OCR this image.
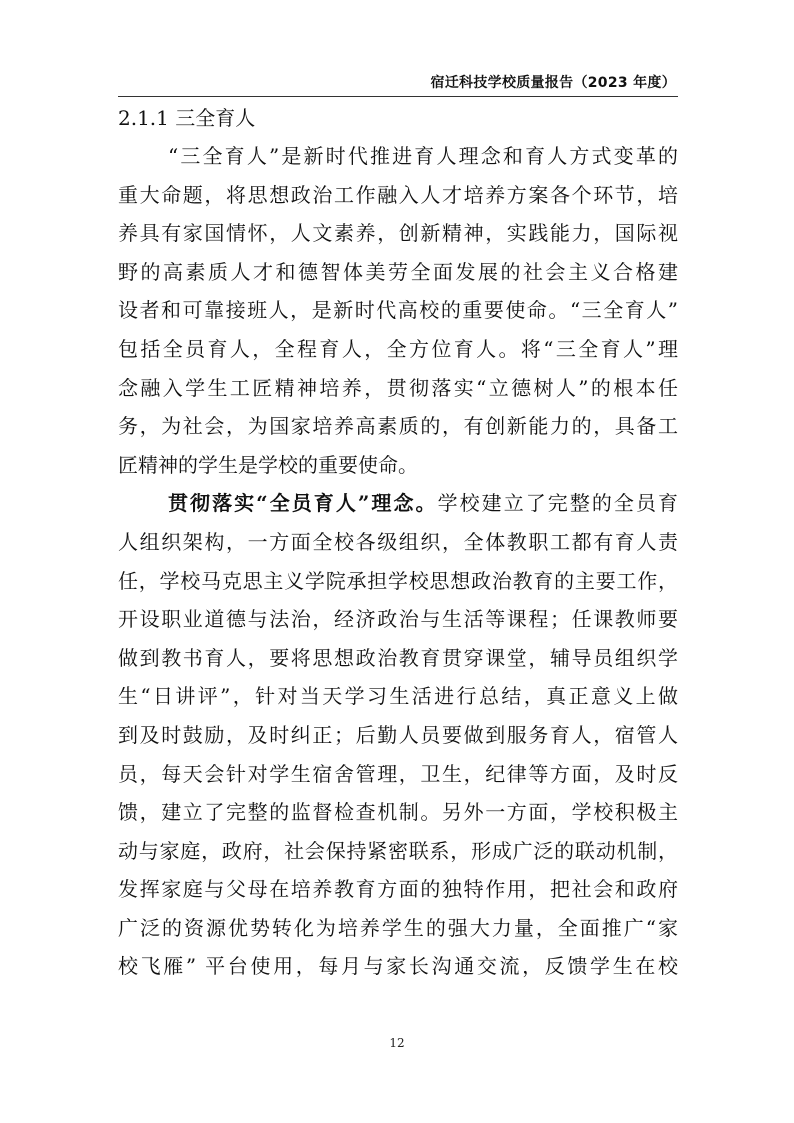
宿迁科技学校质量报告（2023 年度）
2.1.1 三全育人
“三全育人”是新时代推进育人理念和育人方式变革的
重大命题，将思想政治工作融入人才培养方案各个环节，培
养具有家国情怀，人文素养，创新精神，实践能力，国际视
野的高素质人才和德智体美劳全面发展的社会主义合格建
设者和可靠接班人，是新时代高校的重要使命。“三全育人”
包括全员育人，全程育人，全方位育人。将“三全育人”理
念融入学生工匠精神培养，贯彻落实“立德树人”的根本任
务，为社会，为国家培养高素质的，有创新能力的，具备工
匠精神的学生是学校的重要使命。
贯彻落实“全员育人”理念。学校建立了完整的全员育
人组织架构，一方面全校各级组织，全体教职工都有育人责
任，学校马克思主义学院承担学校思想政治教育的主要工作，
开设职业道德与法治，经济政治与生活等课程；任课教师要
做到教书育人，要将思想政治教育贯穿课堂，辅导员组织学
生“日讲评”，针对当天学习生活进行总结，真正意义上做
到及时鼓励，及时纠正；后勤人员要做到服务育人，宿管人
员，每天会针对学生宿舍管理，卫生，纪律等方面，及时反
馈，建立了完整的监督检查机制。另外一方面，学校积极主
动与家庭，政府，社会保持紧密联系，形成广泛的联动机制，
发挥家庭与父母在培养教育方面的独特作用，把社会和政府
广泛的资源优势转化为培养学生的强大力量，全面推广“家
校飞雁” 平台使用，每月与家长沟通交流，反馈学生在校
12
